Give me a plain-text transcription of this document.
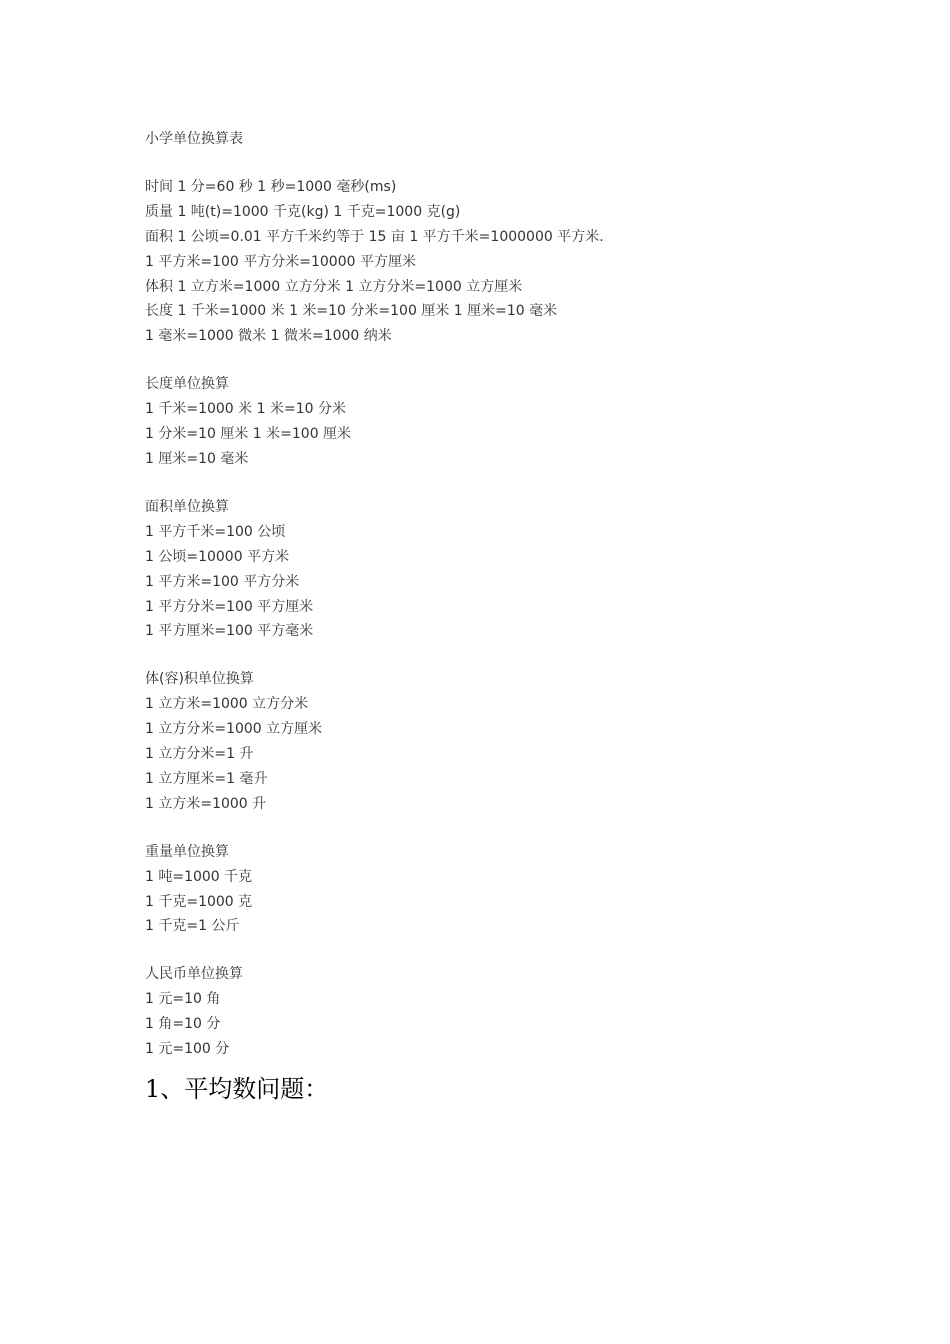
小学单位换算表
时间 1 分=60 秒 1 秒=1000 毫秒(ms)
质量 1 吨(t)=1000 千克(kg) 1 千克=1000 克(g)
面积 1 公顷=0.01 平方千米约等于 15 亩 1 平方千米=1000000 平方米.
1 平方米=100 平方分米=10000 平方厘米
体积 1 立方米=1000 立方分米 1 立方分米=1000 立方厘米
长度 1 千米=1000 米 1 米=10 分米=100 厘米 1 厘米=10 毫米
1 毫米=1000 微米 1 微米=1000 纳米
长度单位换算
1 千米=1000 米 1 米=10 分米
1 分米=10 厘米 1 米=100 厘米
1 厘米=10 毫米
面积单位换算
1 平方千米=100 公顷
1 公顷=10000 平方米
1 平方米=100 平方分米
1 平方分米=100 平方厘米
1 平方厘米=100 平方毫米
体(容)积单位换算
1 立方米=1000 立方分米
1 立方分米=1000 立方厘米
1 立方分米=1 升
1 立方厘米=1 毫升
1 立方米=1000 升
重量单位换算
1 吨=1000 千克
1 千克=1000 克
1 千克=1 公斤
人民币单位换算
1 元=10 角
1 角=10 分
1 元=100 分
1、平均数问题：
